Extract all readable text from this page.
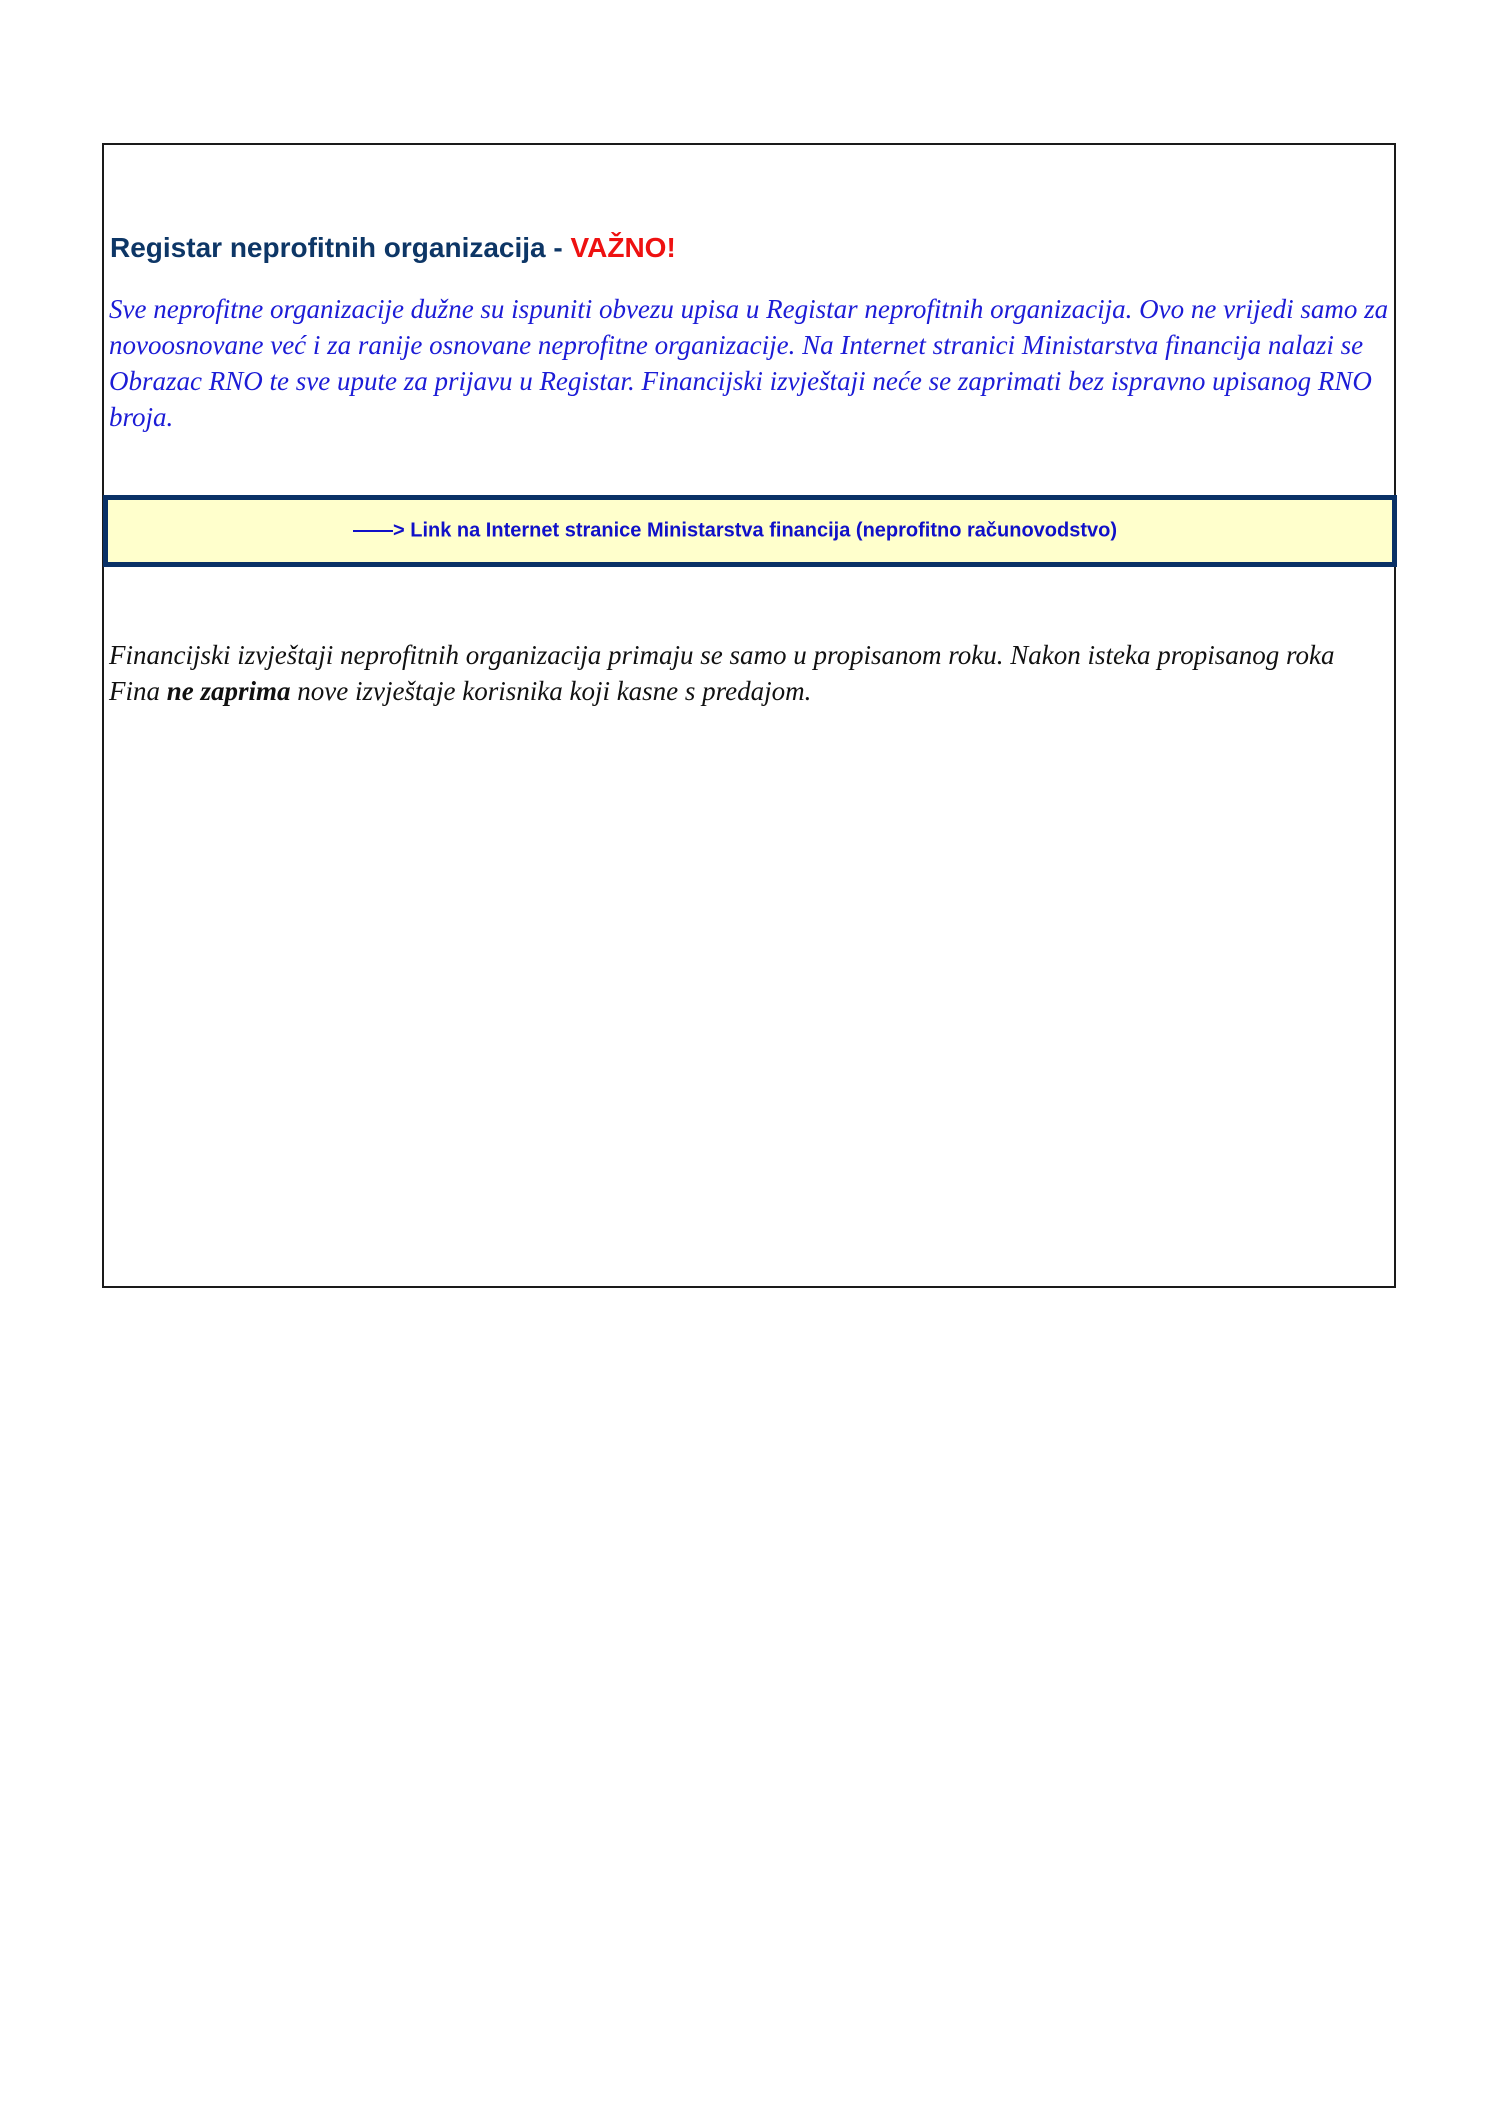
Registar neprofitnih organizacija - VAŽNO!

Sve neprofitne organizacije dužne su ispuniti obvezu upisa u Registar neprofitnih organizacija. Ovo ne vrijedi samo za novoosnovane već i za ranije osnovane neprofitne organizacije. Na Internet stranici Ministarstva financija nalazi se Obrazac RNO te sve upute za prijavu u Registar. Financijski izvještaji neće se zaprimati bez ispravno upisanog RNO broja.

——> Link na Internet stranice Ministarstva financija (neprofitno računovodstvo)

Financijski izvještaji neprofitnih organizacija primaju se samo u propisanom roku. Nakon isteka propisanog roka Fina ne zaprima nove izvještaje korisnika koji kasne s predajom.
